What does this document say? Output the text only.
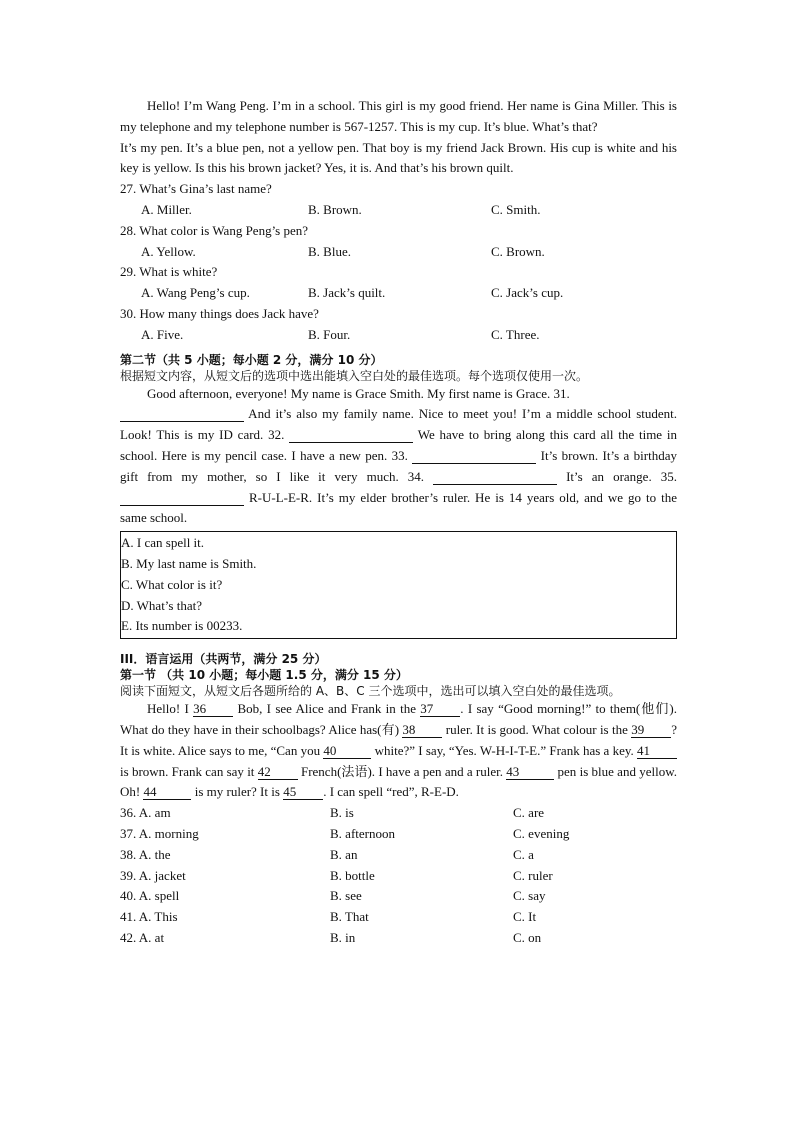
Hello! I’m Wang Peng. I’m in a school. This girl is my good friend. Her name is Gina Miller. This is my telephone and my telephone number is 567-1257. This is my cup. It’s blue. What’s that?

It’s my pen. It’s a blue pen, not a yellow pen. That boy is my friend Jack Brown. His cup is white and his key is yellow. Is this his brown jacket? Yes, it is. And that’s his brown quilt.

27. What’s Gina’s last name?

A. Miller.	B. Brown.	C. Smith.

28. What color is Wang Peng’s pen?

A. Yellow.	B. Blue.	C. Brown.

29. What is white?

A. Wang Peng’s cup.	B. Jack’s quilt.	C. Jack’s cup.

30. How many things does Jack have?

A. Five.	B. Four.	C. Three.

第二节（共 5 小题；每小题 2 分，满分 10 分）

根据短文内容，从短文后的选项中选出能填入空白处的最佳选项。每个选项仅使用一次。

Good afternoon, everyone! My name is Grace Smith. My first name is Grace. 31.
And it’s also my family name. Nice to meet you! I’m a middle school student. Look! This is my ID card. 32.	We have to bring along this card all the time in school. Here is my pencil case. I have a new pen. 33.	It’s brown. It’s a birthday gift from my mother, so I like it very much. 34.	It’s an orange. 35.   R-U-L-E-R. It’s my elder brother’s ruler. He is 14 years old, and we go to the same school.

A. I can spell it.

B. My last name is Smith.

C. What color is it?

D. What’s that?

E. Its number is 00233.

III．语言运用（共两节，满分 25 分）

第一节 （共 10 小题；每小题 1.5 分，满分 15 分）

阅读下面短文，从短文后各题所给的 A、B、C 三个选项中，选出可以填入空白处的最佳选项。

Hello! I 36 Bob, I see Alice and Frank in the 37 . I say “Good morning!” to them(他们). What do they have in their schoolbags? Alice has(有) 38 ruler. It is good. What colour is the 39 ? It is white. Alice says to me, “Can you 40	white?” I say, “Yes. W-H-I-T-E.” Frank has a key. 41 is brown. Frank can say it 42 French(法语). I have a pen and a ruler. 43	pen is blue and yellow. Oh! 44	is my ruler? It is 45 . I can spell “red”, R-E-D.

36. A. am	B. is	C. are
37. A. morning	B. afternoon	C. evening
38. A. the	B. an	C. a
39. A. jacket	B. bottle	C. ruler
40. A. spell	B. see	C. say
41. A. This	B. That	C. It
42. A. at	B. in	C. on
